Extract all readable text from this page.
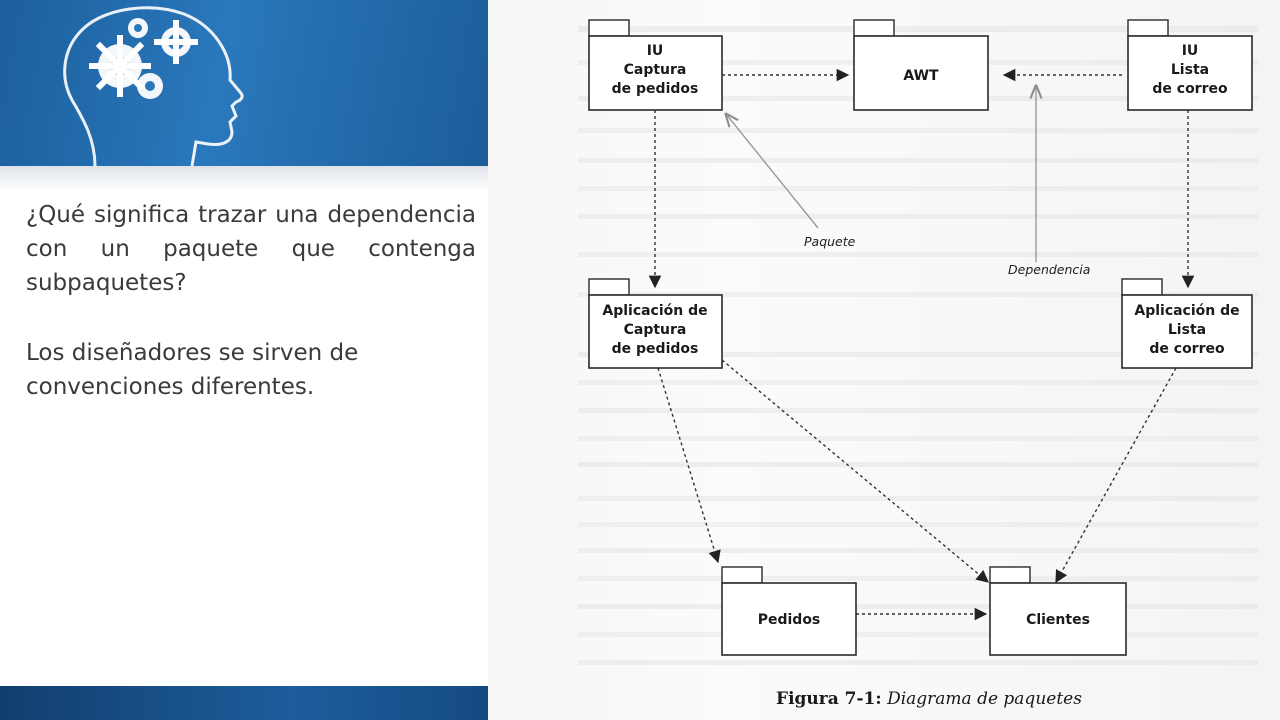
¿Qué significa trazar una dependencia con un paquete que contenga subpaquetes?

Los diseñadores se sirven de convenciones diferentes.

IU
Captura
de pedidos
AWT
IU
Lista
de correo
Aplicación de
Captura
de pedidos
Aplicación de
Lista
de correo
Pedidos	Clientes
Paquete
Dependencia

Figura 7-1: Diagrama de paquetes
